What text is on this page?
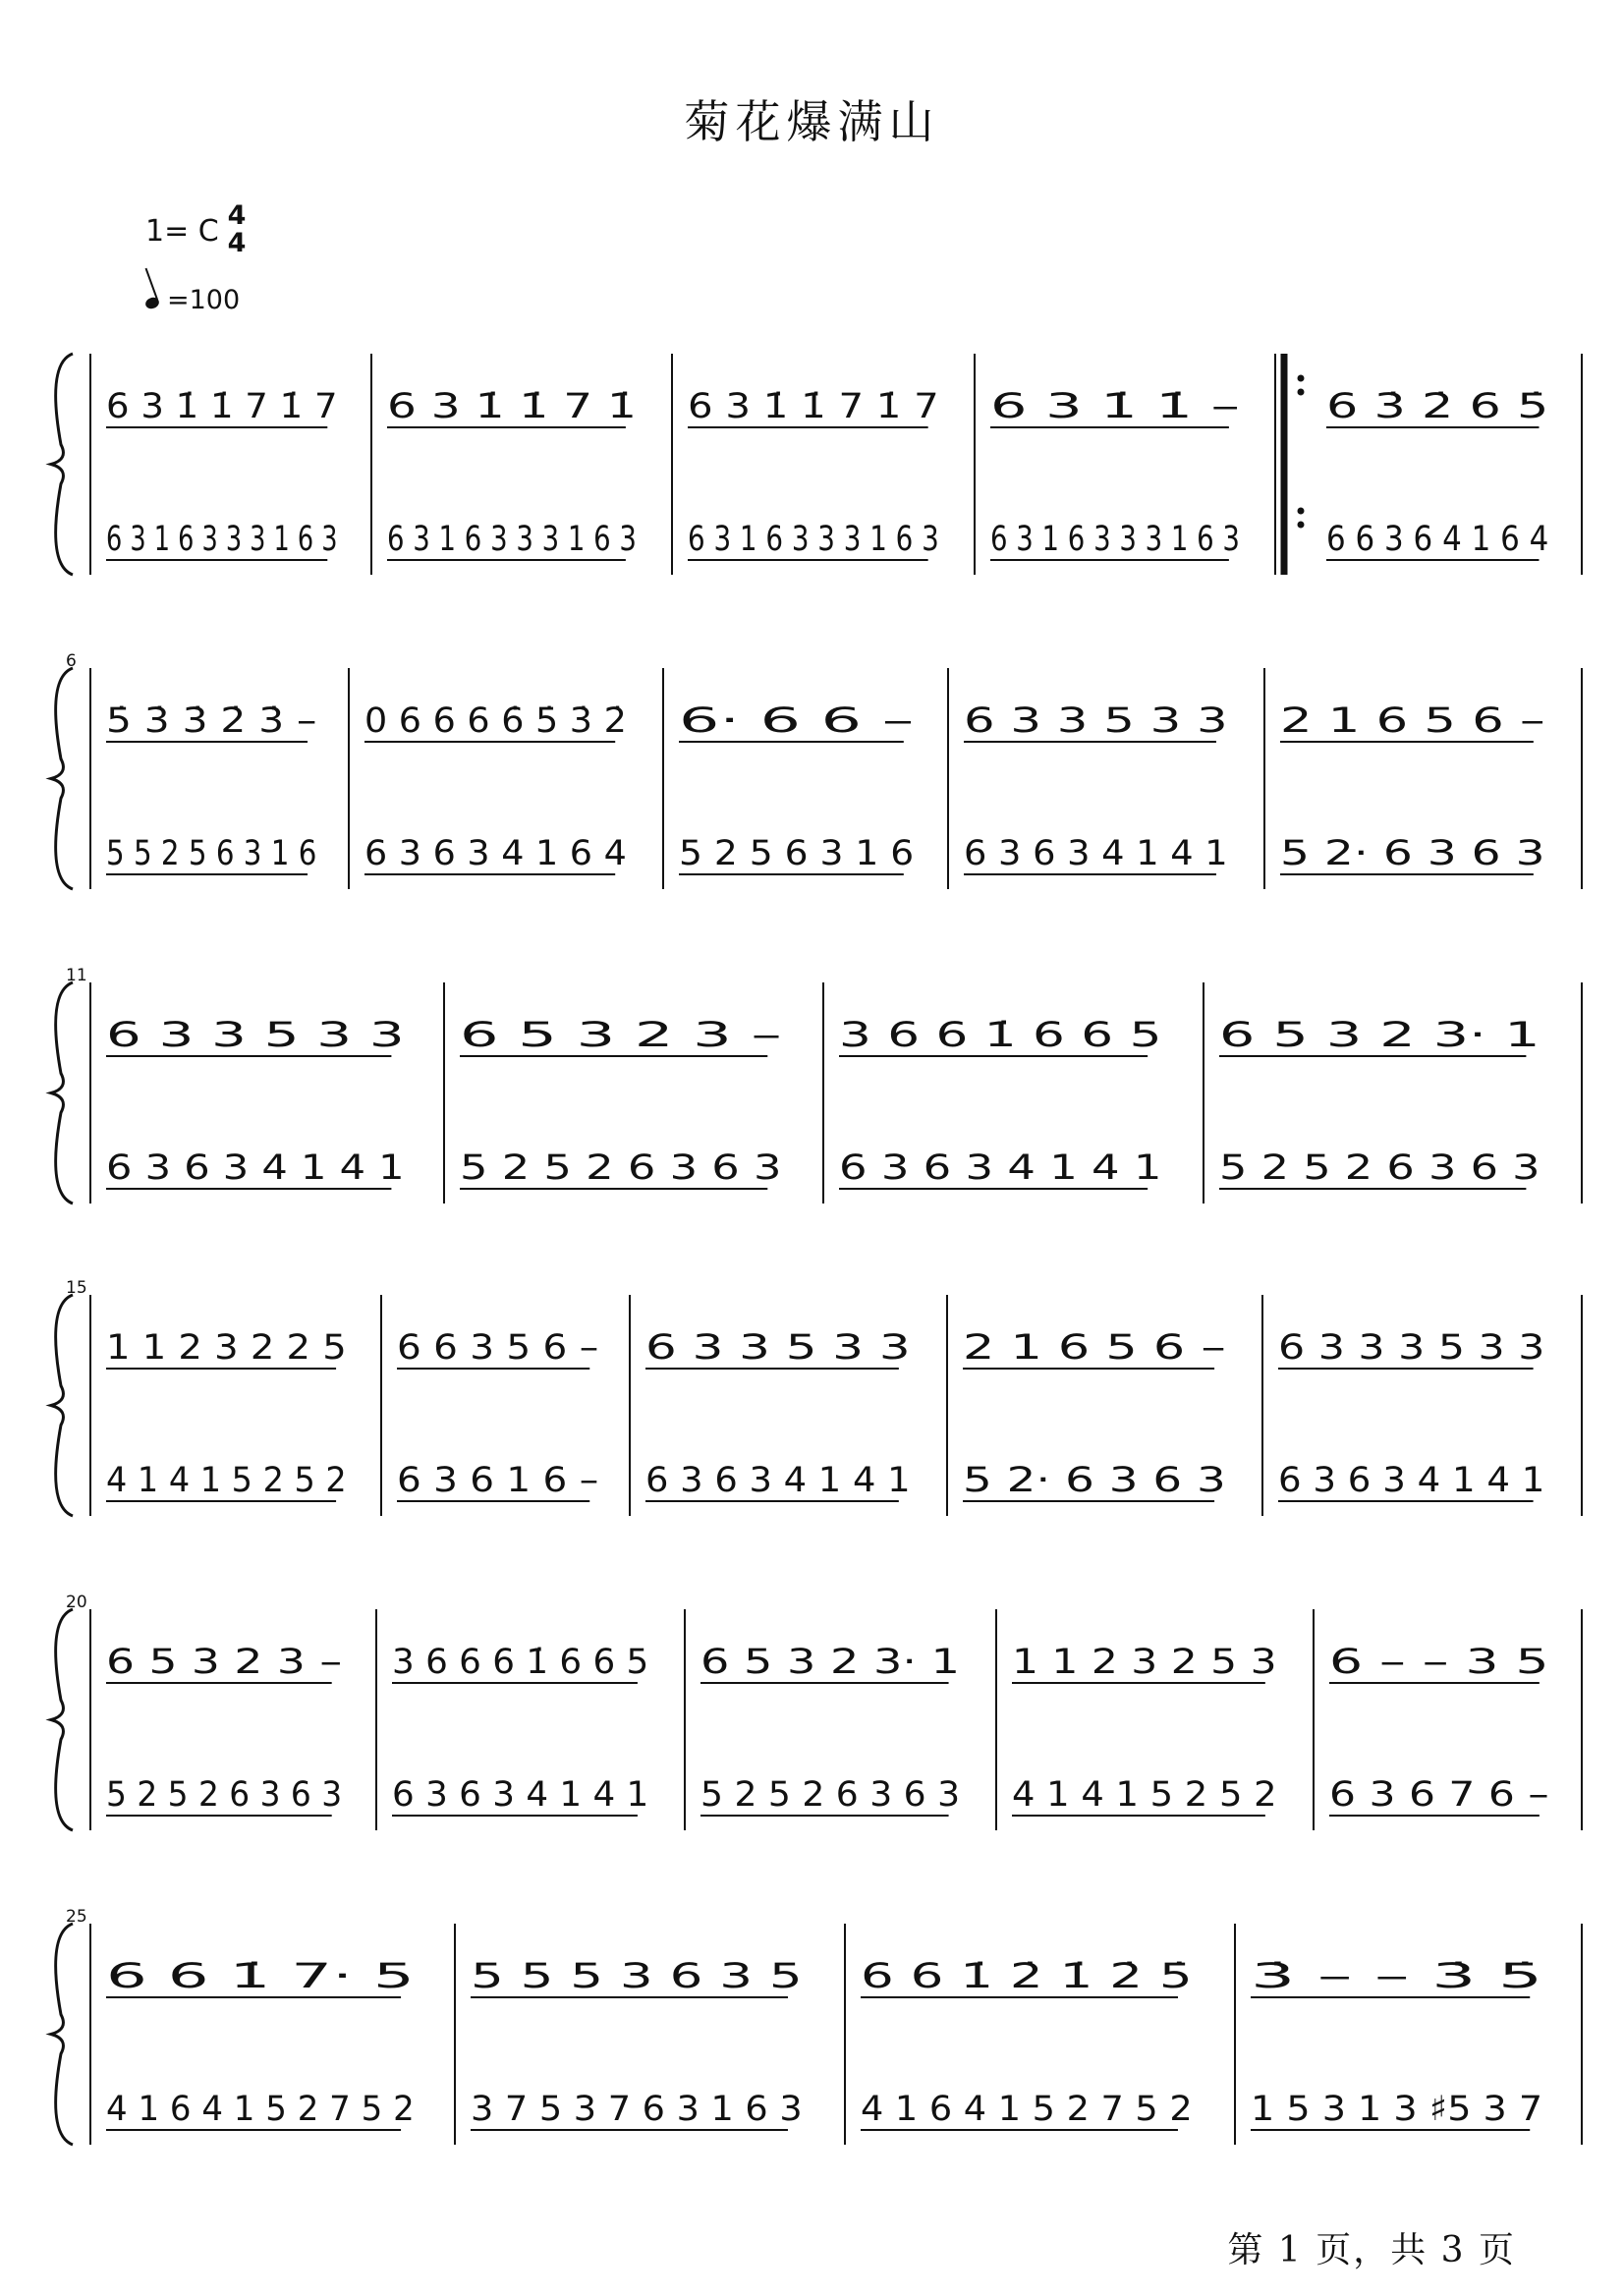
菊花爆满山
1= C 4
4
=100
第 1 页，共 3 页
6 3 1̇ 1̇ 7 1̇ 7
6 3 1 6 3 3 3 1 6 3
6 3 1̇ 1̇ 7 1̇
6 3 1 6 3 3 3 1 6 3
6 3 1̇ 1̇ 7 1̇ 7
6 3 1 6 3 3 3 1 6 3
6 3 1̇ 1̇ –
6 3 1 6 3 3 3 1 6 3
6 3̇ 2̇ 6 5̇
6 6 3 6 4 1 6 4
6
5̇ 3̇ 3̇ 2̇ 3̇ –
5 5 2 5 6 3 1 6
0 6 6 6 6̇ 5̇ 3̇ 2̇
6 3 6 3 4 1 6 4
6· 6 6 –
5 2 5 6 3 1 6
6 3 3 5 3 3
6 3 6 3 4 1 4 1
2 1 6 5 6 –
5 2· 6 3 6 3
11
6 3 3 5 3 3
6 3 6 3 4 1 4 1
6 5 3 2 3 –
5 2 5 2 6 3 6 3
3 6 6 1̇ 6 6 5
6 3 6 3 4 1 4 1
6 5 3 2 3· 1
5 2 5 2 6 3 6 3
15
1 1 2 3 2 2 5
4 1 4 1 5 2 5 2
6 6 3 5 6 –
6 3 6 1 6 –
6 3 3 5 3 3
6 3 6 3 4 1 4 1
2 1 6 5 6 –
5 2· 6 3 6 3
6 3 3 3 5 3 3
6 3 6 3 4 1 4 1
20
6 5 3 2 3 –
5 2 5 2 6 3 6 3
3 6 6 6 1̇ 6 6 5
6 3 6 3 4 1 4 1
6 5 3 2 3· 1
5 2 5 2 6 3 6 3
1 1 2 3 2 5 3
4 1 4 1 5 2 5 2
6 – – 3 5
6 3 6 7 6 –
25
6 6 1̇ 7· 5
4 1 6 4 1 5 2 7 5 2
5 5 5 3 6 3 5
3 7 5 3 7 6 3 1 6 3
6 6 1̇ 2̇ 1̇ 2̇ 5̇
4 1 6 4 1 5 2 7 5 2
3̇ – – 3̇ 5̇
1 5 3 1 3 ♯5 3 7
